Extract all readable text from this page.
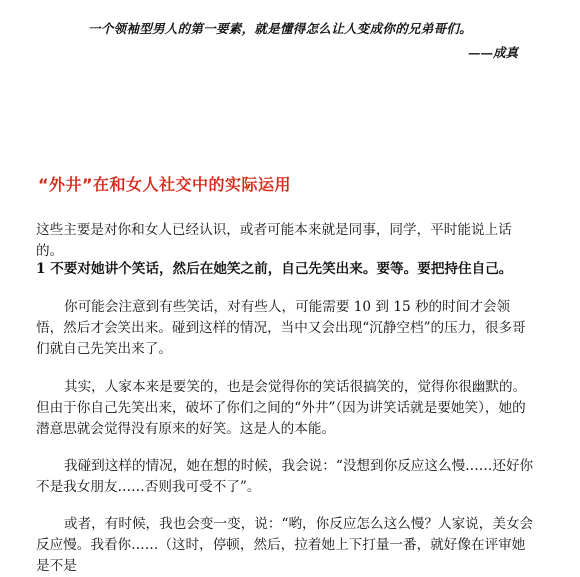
一个领袖型男人的第一要素，就是懂得怎么让人变成你的兄弟哥们。
——成真
“外井”在和女人社交中的实际运用

这些主要是对你和女人已经认识，或者可能本来就是同事，同学，平时能说上话的。

1 不要对她讲个笑话，然后在她笑之前，自己先笑出来。要等。要把持住自己。

你可能会注意到有些笑话，对有些人，可能需要 10 到 15 秒的时间才会领悟，然后才会笑出来。碰到这样的情况，当中又会出现“沉静空档”的压力，很多哥们就自己先笑出来了。

其实，人家本来是要笑的，也是会觉得你的笑话很搞笑的，觉得你很幽默的。但由于你自己先笑出来，破坏了你们之间的“外井”（因为讲笑话就是要她笑），她的潜意思就会觉得没有原来的好笑。这是人的本能。

我碰到这样的情况，她在想的时候，我会说：“没想到你反应这么慢……还好你不是我女朋友……否则我可受不了”。

或者，有时候，我也会变一变，说：“哟，你反应怎么这么慢？人家说，美女会反应慢。我看你……（这时，停顿，然后，拉着她上下打量一番，就好像在评审她是不是
